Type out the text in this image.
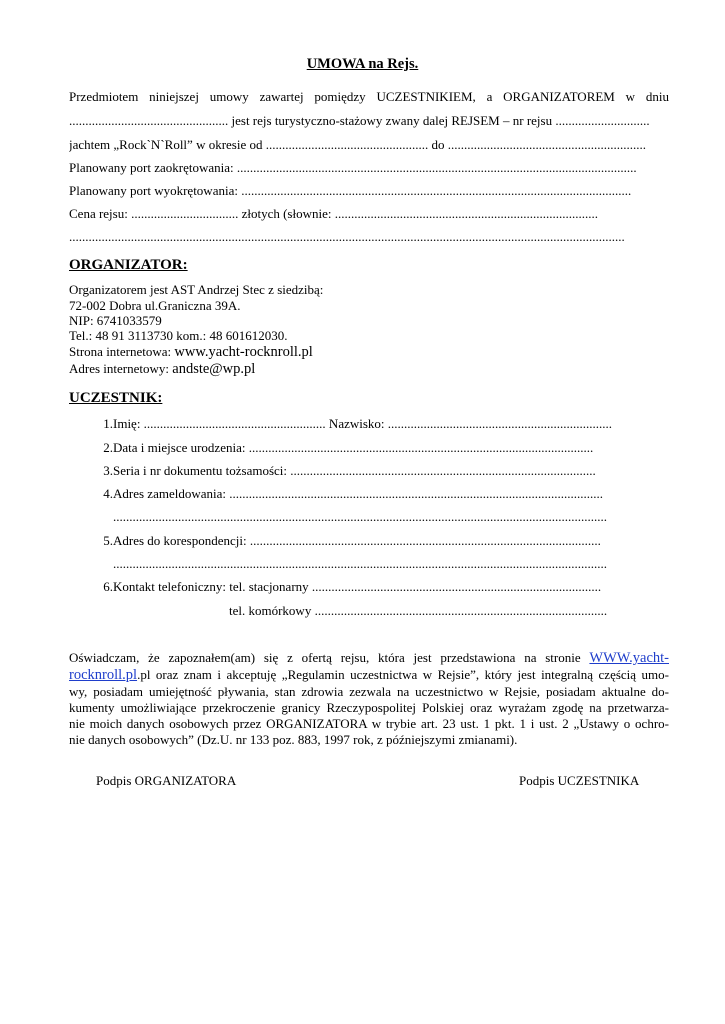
UMOWA na Rejs.
Przedmiotem niniejszej umowy zawartej pomiędzy UCZESTNIKIEM, a ORGANIZATOREM w dniu
................................................. jest rejs turystyczno-stażowy zwany dalej REJSEM – nr rejsu .............................
jachtem „Rock`N`Roll” w okresie od .................................................. do .............................................................
Planowany port zaokrętowania: ...........................................................................................................................
Planowany port wyokrętowania: ........................................................................................................................
Cena rejsu: ................................. złotych (słownie: .................................................................................
...........................................................................................................................................................................
ORGANIZATOR:
Organizatorem jest AST Andrzej Stec z siedzibą:
72-002 Dobra ul.Graniczna 39A.
NIP: 6741033579
Tel.: 48 91 3113730 kom.: 48 601612030.
Strona internetowa: www.yacht-rocknroll.pl
Adres internetowy: andste@wp.pl
UCZESTNIK:
1. Imię: ........................................................ Nazwisko: .....................................................................
2. Data i miejsce urodzenia: ..........................................................................................................
3. Seria i nr dokumentu tożsamości: ..............................................................................................
4. Adres zameldowania: ...................................................................................................................
........................................................................................................................................................
5. Adres do korespondencji: ............................................................................................................
........................................................................................................................................................
6. Kontakt telefoniczny: tel. stacjonarny .........................................................................................
tel. komórkowy ..........................................................................................
Oświadczam, że zapoznałem(am) się z ofertą rejsu, która jest przedstawiona na stronie WWW.yacht-
rocknroll.pl.pl oraz znam i akceptuję „Regulamin uczestnictwa w Rejsie”, który jest integralną częścią umo-
wy, posiadam umiejętność pływania, stan zdrowia zezwala na uczestnictwo w Rejsie, posiadam aktualne do-
kumenty umożliwiające przekroczenie granicy Rzeczypospolitej Polskiej oraz wyrażam zgodę na przetwarza-
nie moich danych osobowych przez ORGANIZATORA w trybie art. 23 ust. 1 pkt. 1 i ust. 2 „Ustawy o ochro-
nie danych osobowych” (Dz.U. nr 133 poz. 883, 1997 rok, z późniejszymi zmianami).
Podpis ORGANIZATORA	Podpis UCZESTNIKA
